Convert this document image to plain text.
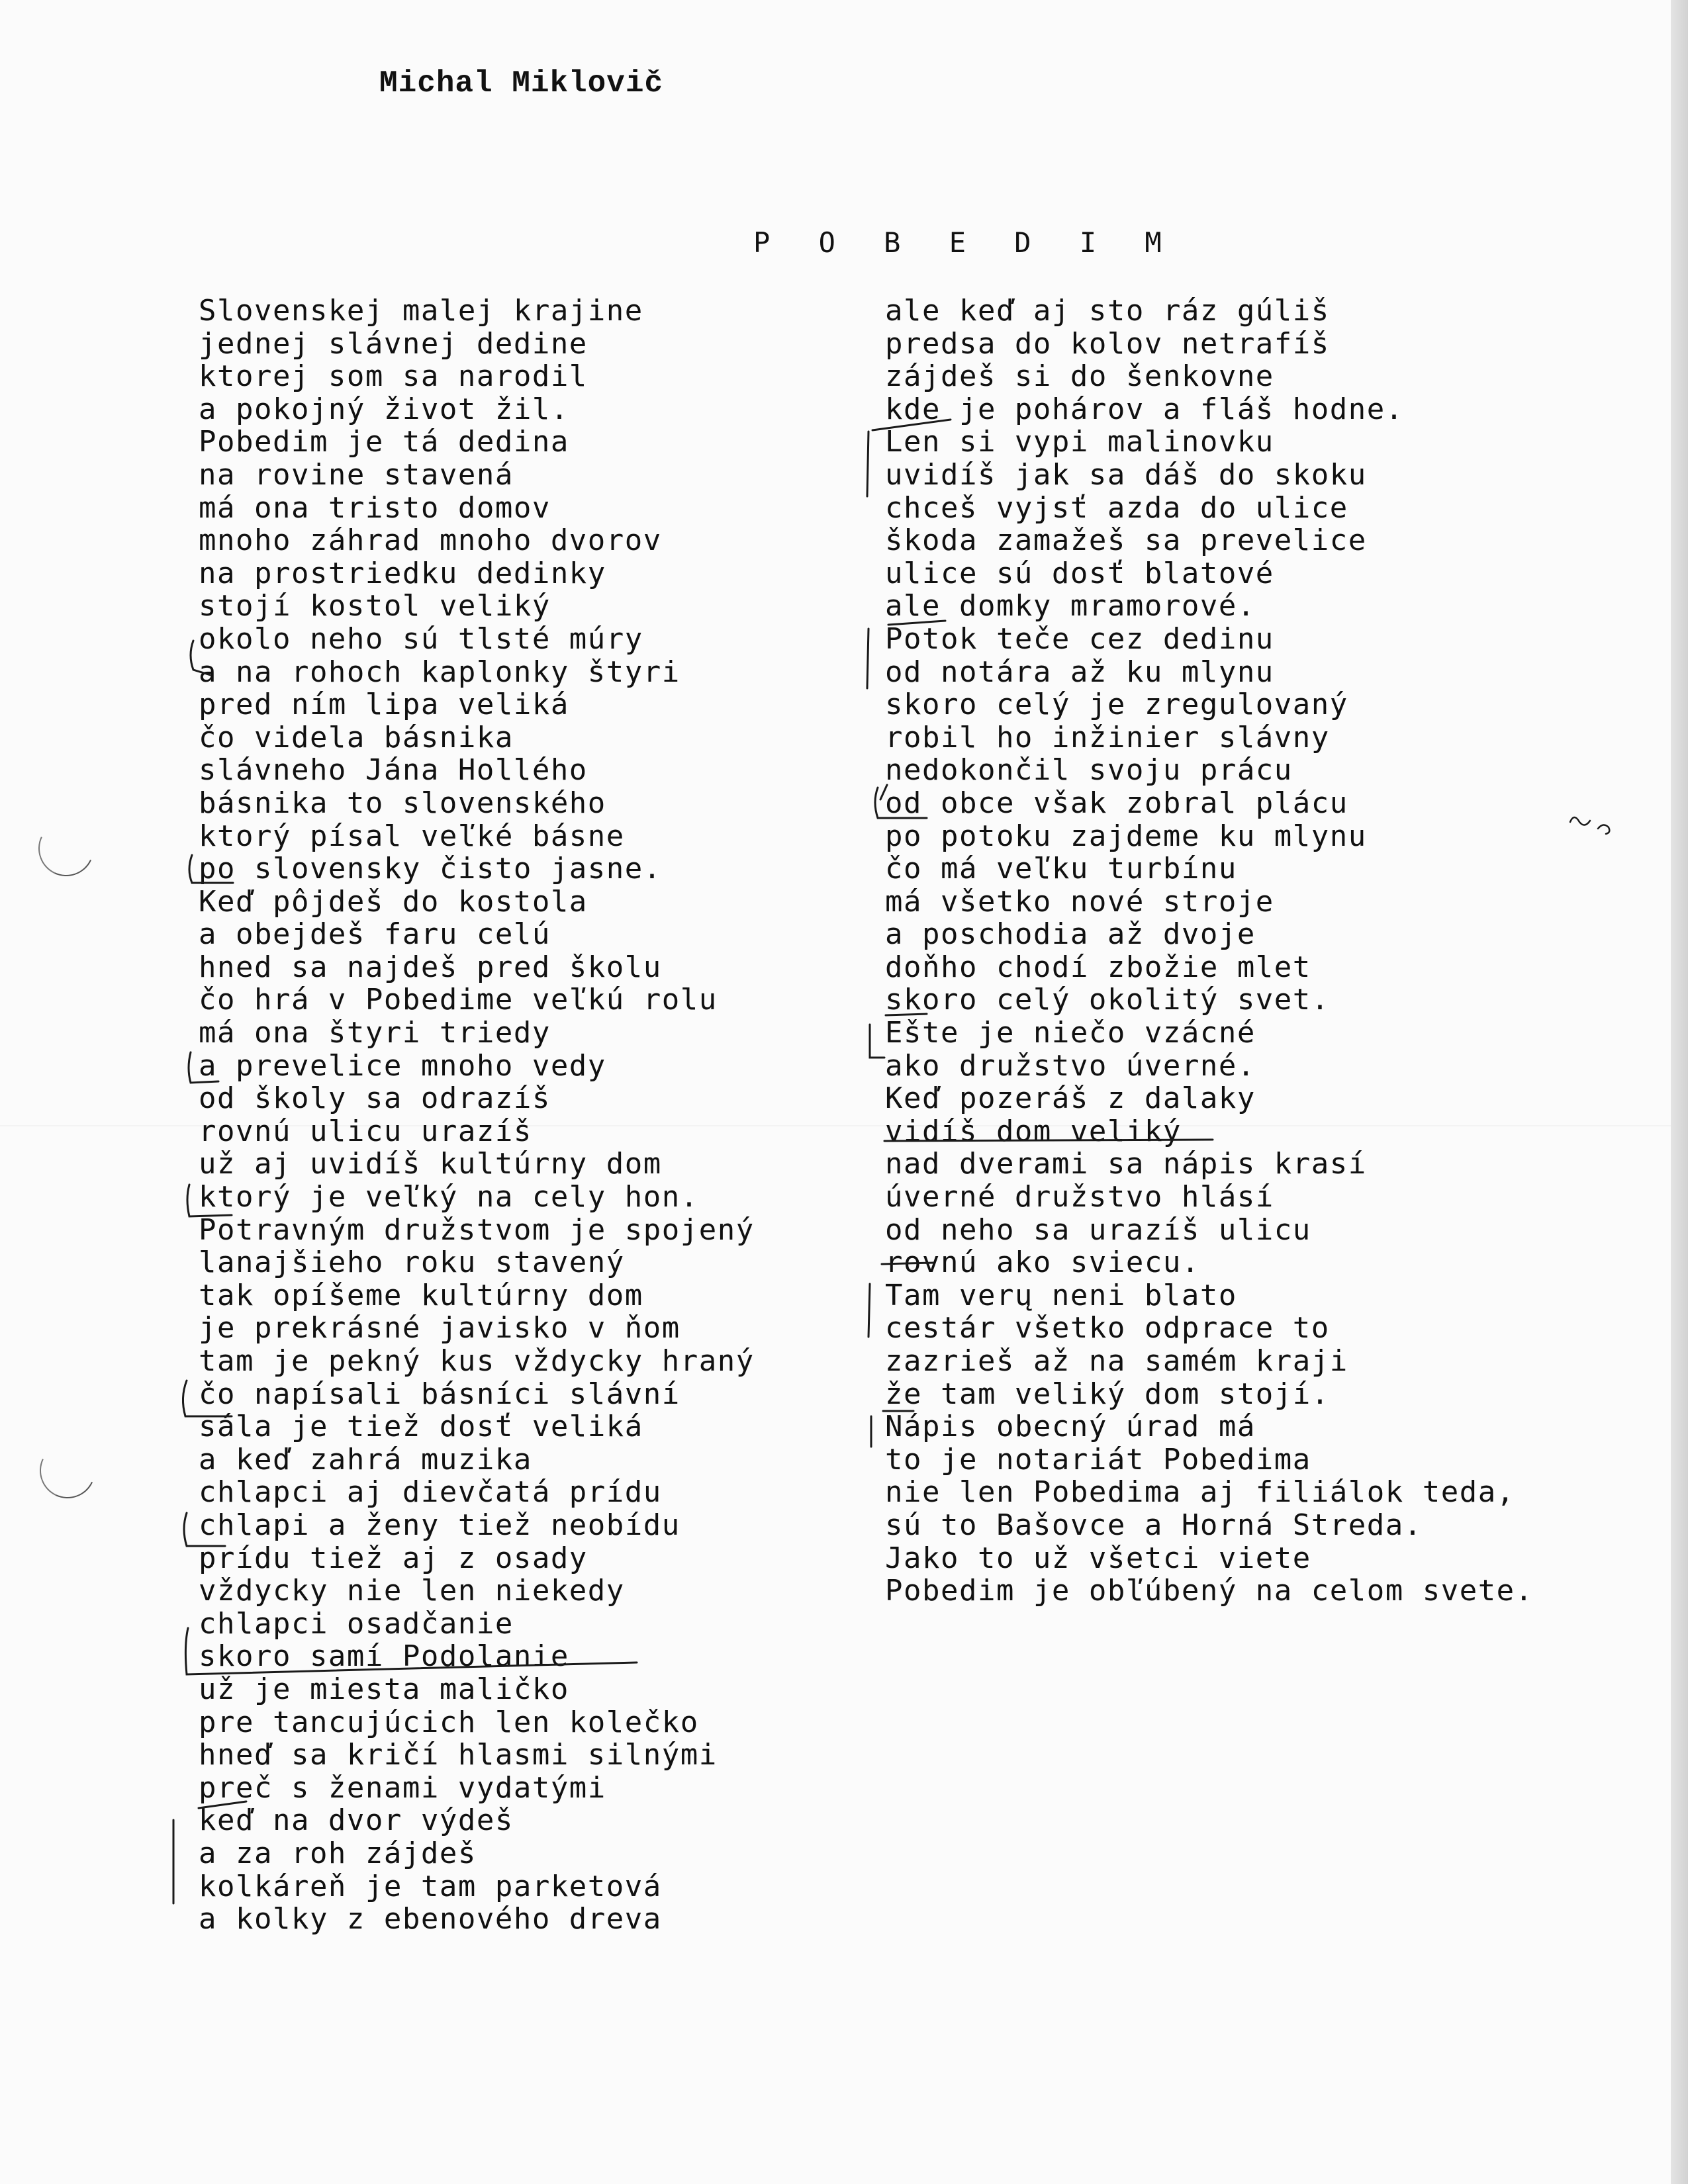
Michal Miklovič
P O B E D I M
Slovenskej malej krajine
jednej slávnej dedine
ktorej som sa narodil
a pokojný život žil.
Pobedim je tá dedina
na rovine stavená
má ona tristo domov
mnoho záhrad mnoho dvorov
na prostriedku dedinky
stojí kostol veliký
okolo neho sú tlsté múry
a na rohoch kaplonky štyri
pred ním lipa veliká
čo videla básnika
slávneho Jána Hollého
básnika to slovenského
ktorý písal veľké básne
po slovensky čisto jasne.
Keď pôjdeš do kostola
a obejdeš faru celú
hned sa najdeš pred školu
čo hrá v Pobedime veľkú rolu
má ona štyri triedy
a prevelice mnoho vedy
od školy sa odrazíš
rovnú ulicu urazíš
už aj uvidíš kultúrny dom
ktorý je veľký na cely hon.
Potravným družstvom je spojený
lanajšieho roku stavený
tak opíšeme kultúrny dom
je prekrásné javisko v ňom
tam je pekný kus vždycky hraný
čo napísali básníci slávní
sála je tiež dosť veliká
a keď zahrá muzika
chlapci aj dievčatá prídu
chlapi a ženy tiež neobídu
prídu tiež aj z osady
vždycky nie len niekedy
chlapci osadčanie
skoro samí Podolanie
už je miesta maličko
pre tancujúcich len kolečko
hneď sa kričí hlasmi silnými
preč s ženami vydatými
keď na dvor výdeš
a za roh zájdeš
kolkáreň je tam parketová
a kolky z ebenového dreva
ale keď aj sto ráz gúliš
predsa do kolov netrafíš
zájdeš si do šenkovne
kde je pohárov a fláš hodne.
Len si vypi malinovku
uvidíš jak sa dáš do skoku
chceš vyjsť azda do ulice
škoda zamažeš sa prevelice
ulice sú dosť blatové
ale domky mramorové.
Potok teče cez dedinu
od notára až ku mlynu
skoro celý je zregulovaný
robil ho inžinier slávny
nedokončil svoju prácu
od obce však zobral plácu
po potoku zajdeme ku mlynu
čo má veľku turbínu
má všetko nové stroje
a poschodia až dvoje
doňho chodí zbožie mlet
skoro celý okolitý svet.
Ešte je niečo vzácné
ako družstvo úverné.
Keď pozeráš z dalaky
vidíš dom veliký
nad dverami sa nápis krasí
úverné družstvo hlásí
od neho sa urazíš ulicu
rovnú ako sviecu.
Tam verų neni blato
cestár všetko odprace to
zazrieš až na samém kraji
že tam veliký dom stojí.
Nápis obecný úrad má
to je notariát Pobedima
nie len Pobedima aj filiálok teda,
sú to Bašovce a Horná Streda.
Jako to už všetci viete
Pobedim je obľúbený na celom svete.
